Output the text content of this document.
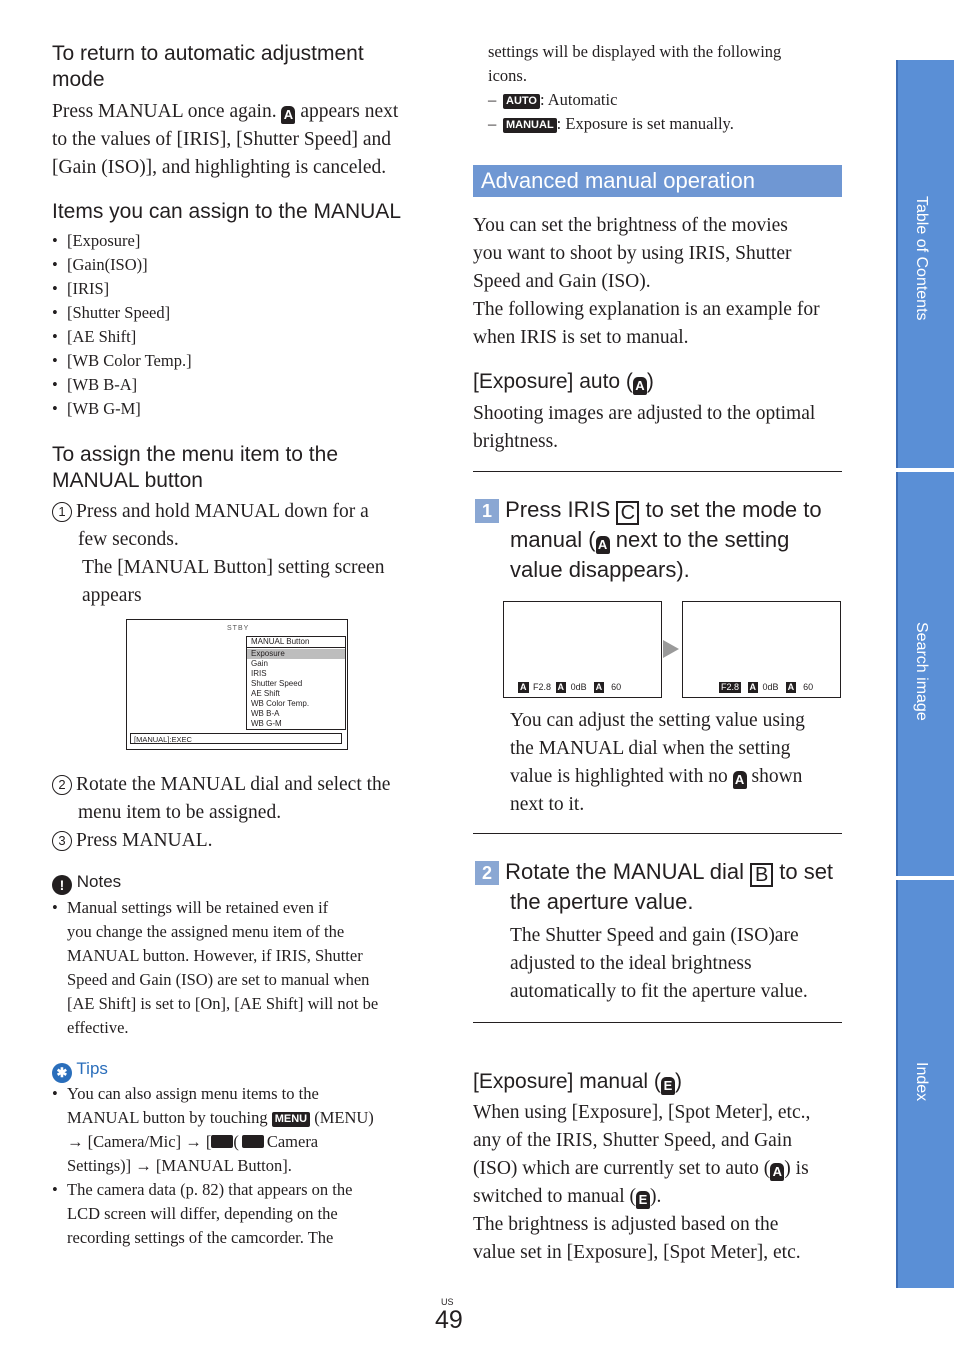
To return to automatic adjustment
mode
Press MANUAL once again. A appears next
to the values of [IRIS], [Shutter Speed] and
[Gain (ISO)], and highlighting is canceled.
Items you can assign to the MANUAL
• [Exposure]
• [Gain(ISO)]
• [IRIS]
• [Shutter Speed]
• [AE Shift]
• [WB Color Temp.]
• [WB B-A]
• [WB G-M]
To assign the menu item to the
MANUAL button
1 Press and hold MANUAL down for a
few seconds.
The [MANUAL Button] setting screen
appears
STBY
MANUAL Button
Exposure
Gain
IRIS
Shutter Speed
AE Shift
WB Color Temp.
WB B-A
WB G-M
[MANUAL]:EXEC
2 Rotate the MANUAL dial and select the
menu item to be assigned.
3 Press MANUAL.
! Notes
• Manual settings will be retained even if
you change the assigned menu item of the
MANUAL button. However, if IRIS, Shutter
Speed and Gain (ISO) are set to manual when
[AE Shift] is set to [On], [AE Shift] will not be
effective.
✱ Tips
• You can also assign menu items to the
MANUAL button by touching MENU (MENU)
→ [Camera/Mic] → [ ( Camera
Settings)] → [MANUAL Button].
• The camera data (p. 82) that appears on the
LCD screen will differ, depending on the
recording settings of the camcorder. The
settings will be displayed with the following
icons.
– AUTO : Automatic
– MANUAL : Exposure is set manually.
Advanced manual operation
You can set the brightness of the movies
you want to shoot by using IRIS, Shutter
Speed and Gain (ISO).
The following explanation is an example for
when IRIS is set to manual.
[Exposure] auto ( A )
Shooting images are adjusted to the optimal
brightness.
1 Press IRIS C to set the mode to
manual ( A next to the setting
value disappears).
A F2.8 A 0dB A 60	F2.8 A 0dB A 60
You can adjust the setting value using
the MANUAL dial when the setting
value is highlighted with no A shown
next to it.
2 Rotate the MANUAL dial B to set
the aperture value.
The Shutter Speed and gain (ISO)are
adjusted to the ideal brightness
automatically to fit the aperture value.
[Exposure] manual ( E )
When using [Exposure], [Spot Meter], etc.,
any of the IRIS, Shutter Speed, and Gain
(ISO) which are currently set to auto ( A ) is
switched to manual ( E ).
The brightness is adjusted based on the
value set in [Exposure], [Spot Meter], etc.
Table of Contents
Search image
Index
US
49
